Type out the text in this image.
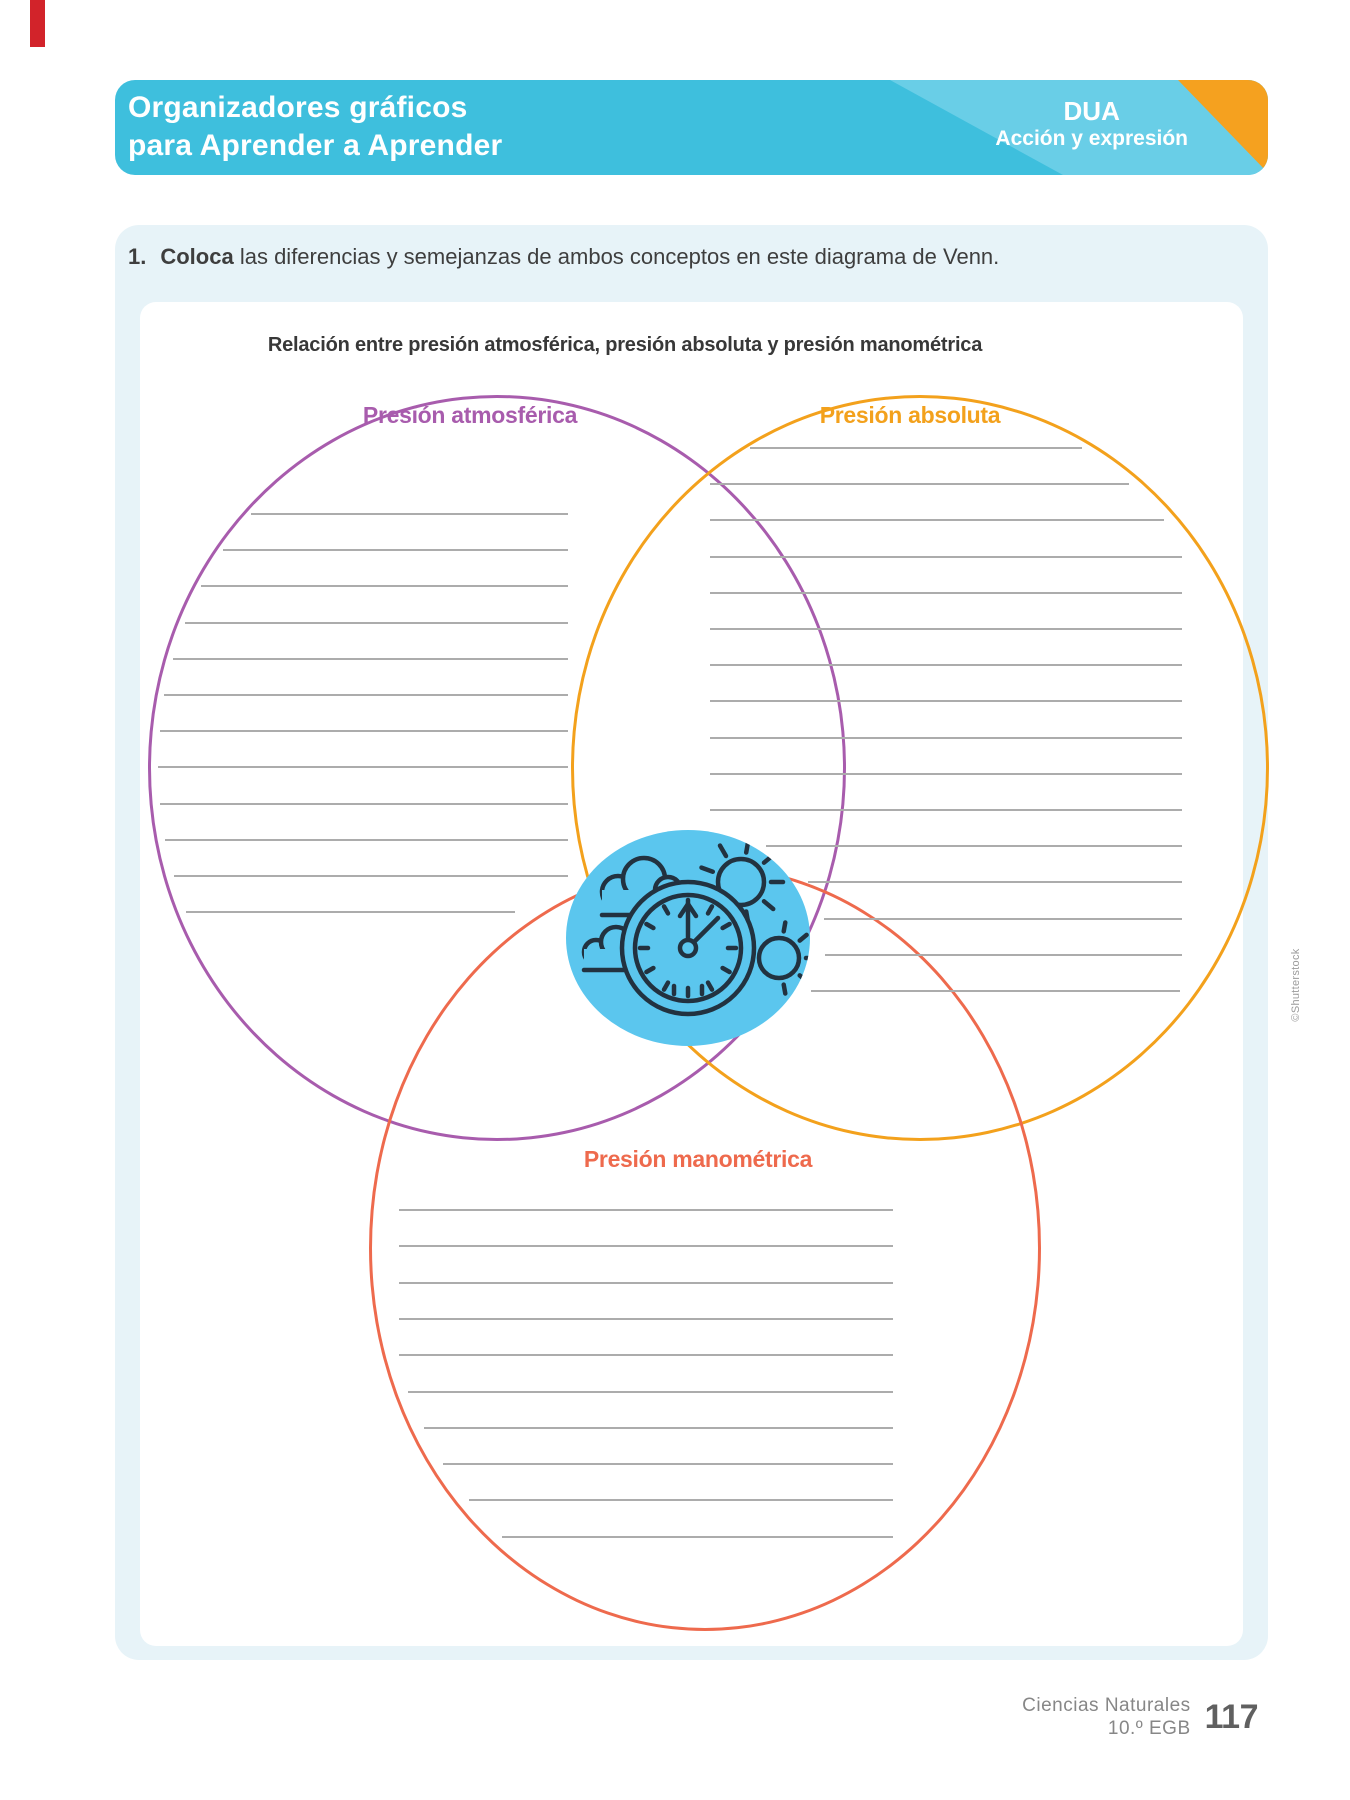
Organizadores gráficos
para Aprender a Aprender
DUA
Acción y expresión
1. Coloca las diferencias y semejanzas de ambos conceptos en este diagrama de Venn.
Relación entre presión atmosférica, presión absoluta y presión manométrica
Presión atmosférica	Presión absoluta
Presión manométrica
©Shutterstock
Ciencias Naturales
10.º EGB 117
